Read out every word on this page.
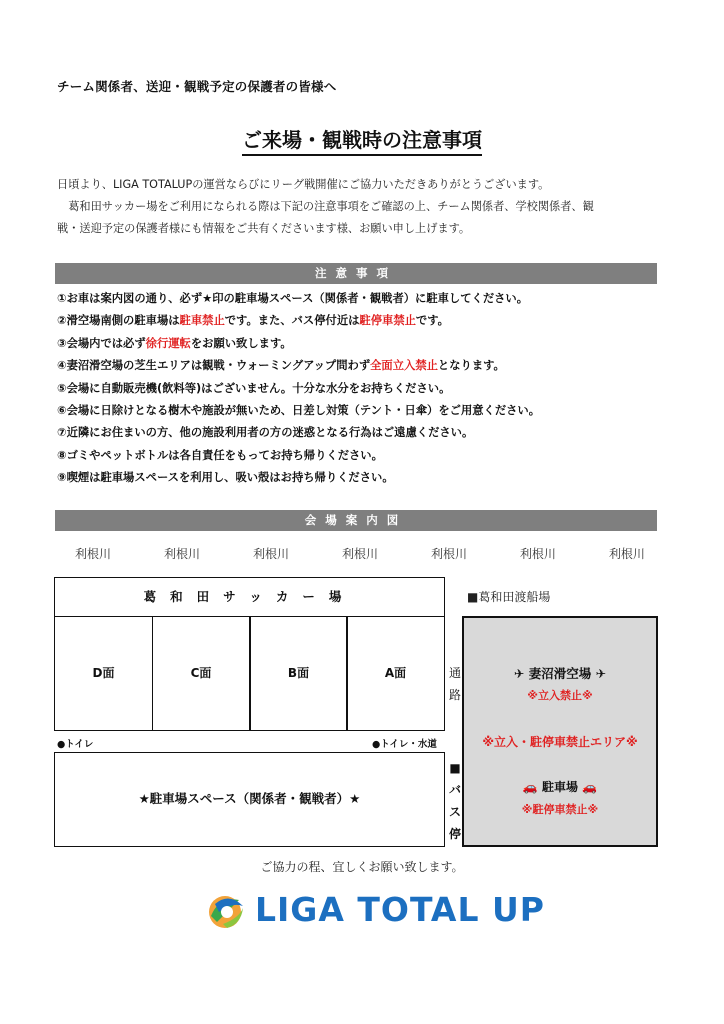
チーム関係者、送迎・観戦予定の保護者の皆様へ
ご来場・観戦時の注意事項

日頃より、LIGA TOTALUPの運営ならびにリーグ戦開催にご協力いただきありがとうございます。

　葛和田サッカー場をご利用になられる際は下記の注意事項をご確認の上、チーム関係者、学校関係者、観

戦・送迎予定の保護者様にも情報をご共有くださいます様、お願い申し上げます。

注意事項
①お車は案内図の通り、必ず★印の駐車場スペース（関係者・観戦者）に駐車してください。
②滑空場南側の駐車場は駐車禁止です。また、バス停付近は駐停車禁止です。
③会場内では必ず徐行運転をお願い致します。
④妻沼滑空場の芝生エリアは観戦・ウォーミングアップ問わず全面立入禁止となります。
⑤会場に自動販売機(飲料等)はございません。十分な水分をお持ちください。
⑥会場に日除けとなる樹木や施設が無いため、日差し対策（テント・日傘）をご用意ください。
⑦近隣にお住まいの方、他の施設利用者の方の迷惑となる行為はご遠慮ください。
⑧ゴミやペットボトルは各自責任をもってお持ち帰りください。
⑨喫煙は駐車場スペースを利用し、吸い殻はお持ち帰りください。
会場案内図
利根川	利根川	利根川	利根川	利根川	利根川	利根川
葛和田サッカー場	■葛和田渡船場
D面	C面	B面	A面	通
路
●トイレ	●トイレ・水道
★駐車場スペース（関係者・観戦者）★
■
バ
ス
停
✈ 妻沼滑空場 ✈
※立入禁止※
※立入・駐停車禁止エリア※
🚗 駐車場 🚗
※駐停車禁止※
ご協力の程、宜しくお願い致します。
LIGA TOTAL UP
